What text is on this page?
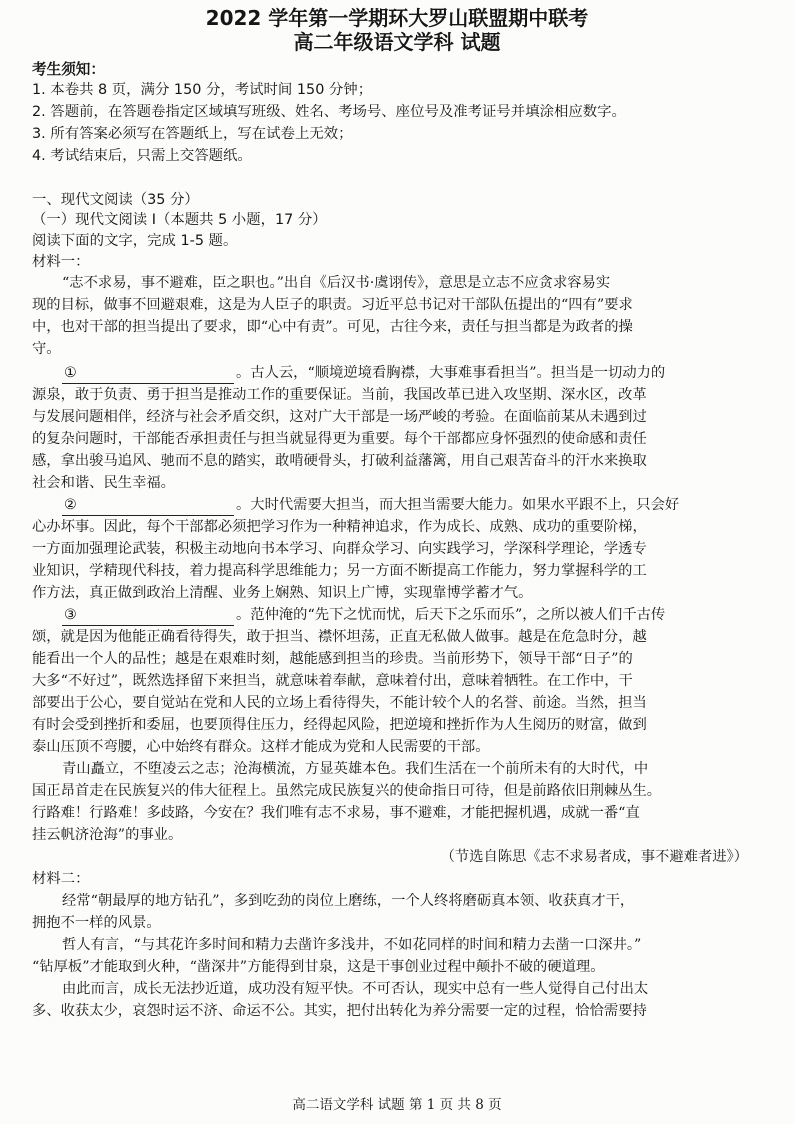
2022 学年第一学期环大罗山联盟期中联考
高二年级语文学科 试题
考生须知：
1. 本卷共 8 页，满分 150 分，考试时间 150 分钟；
2. 答题前，在答题卷指定区域填写班级、姓名、考场号、座位号及准考证号并填涂相应数字。
3. 所有答案必须写在答题纸上，写在试卷上无效；
4. 考试结束后，只需上交答题纸。
一、现代文阅读（35 分）
（一）现代文阅读 I（本题共 5 小题，17 分）
阅读下面的文字，完成 1-5 题。
材料一：
“志不求易，事不避难，臣之职也。”出自《后汉书·虞诩传》，意思是立志不应贪求容易实
现的目标，做事不回避艰难，这是为人臣子的职责。习近平总书记对干部队伍提出的“四有”要求
中，也对干部的担当提出了要求，即“心中有责”。可见，古往今来，责任与担当都是为政者的操
守。
①	。古人云，“顺境逆境看胸襟，大事难事看担当”。担当是一切动力的
源泉，敢于负责、勇于担当是推动工作的重要保证。当前，我国改革已进入攻坚期、深水区，改革
与发展问题相伴，经济与社会矛盾交织，这对广大干部是一场严峻的考验。在面临前某从未遇到过
的复杂问题时，干部能否承担责任与担当就显得更为重要。每个干部都应身怀强烈的使命感和责任
感，拿出骏马追风、驰而不息的踏实，敢啃硬骨头，打破利益藩篱，用自己艰苦奋斗的汗水来换取
社会和谐、民生幸福。
②	。大时代需要大担当，而大担当需要大能力。如果水平跟不上，只会好
心办坏事。因此，每个干部都必须把学习作为一种精神追求，作为成长、成熟、成功的重要阶梯，
一方面加强理论武装，积极主动地向书本学习、向群众学习、向实践学习，学深科学理论，学透专
业知识，学精现代科技，着力提高科学思维能力；另一方面不断提高工作能力，努力掌握科学的工
作方法，真正做到政治上清醒、业务上娴熟、知识上广博，实现靠博学蓄才气。
③	。范仲淹的“先下之忧而忧，后天下之乐而乐”，之所以被人们千古传
颂，就是因为他能正确看待得失，敢于担当、襟怀坦荡，正直无私做人做事。越是在危急时分，越
能看出一个人的品性；越是在艰难时刻，越能感到担当的珍贵。当前形势下，领导干部“日子”的
大多“不好过”，既然选择留下来担当，就意味着奉献，意味着付出，意味着牺牲。在工作中，干
部要出于公心，要自觉站在党和人民的立场上看待得失，不能计较个人的名誉、前途。当然，担当
有时会受到挫折和委屈，也要顶得住压力，经得起风险，把逆境和挫折作为人生阅历的财富，做到
泰山压顶不弯腰，心中始终有群众。这样才能成为党和人民需要的干部。
青山矗立，不堕凌云之志；沧海横流，方显英雄本色。我们生活在一个前所未有的大时代，中
国正昂首走在民族复兴的伟大征程上。虽然完成民族复兴的使命指日可待，但是前路依旧荆棘丛生。
行路难！行路难！多歧路，今安在？我们唯有志不求易，事不避难，才能把握机遇，成就一番“直
挂云帆济沧海”的事业。
（节选自陈思《志不求易者成，事不避难者进》）
材料二：
经常“朝最厚的地方钻孔”，多到吃劲的岗位上磨练，一个人终将磨砺真本领、收获真才干，
拥抱不一样的风景。
哲人有言，“与其花许多时间和精力去凿许多浅井，不如花同样的时间和精力去凿一口深井。”
“钻厚板”才能取到火种，“凿深井”方能得到甘泉，这是干事创业过程中颠扑不破的硬道理。
由此而言，成长无法抄近道，成功没有短平快。不可否认，现实中总有一些人觉得自己付出太
多、收获太少，哀怨时运不济、命运不公。其实，把付出转化为养分需要一定的过程，恰恰需要持
高二语文学科 试题 第 1 页 共 8 页
